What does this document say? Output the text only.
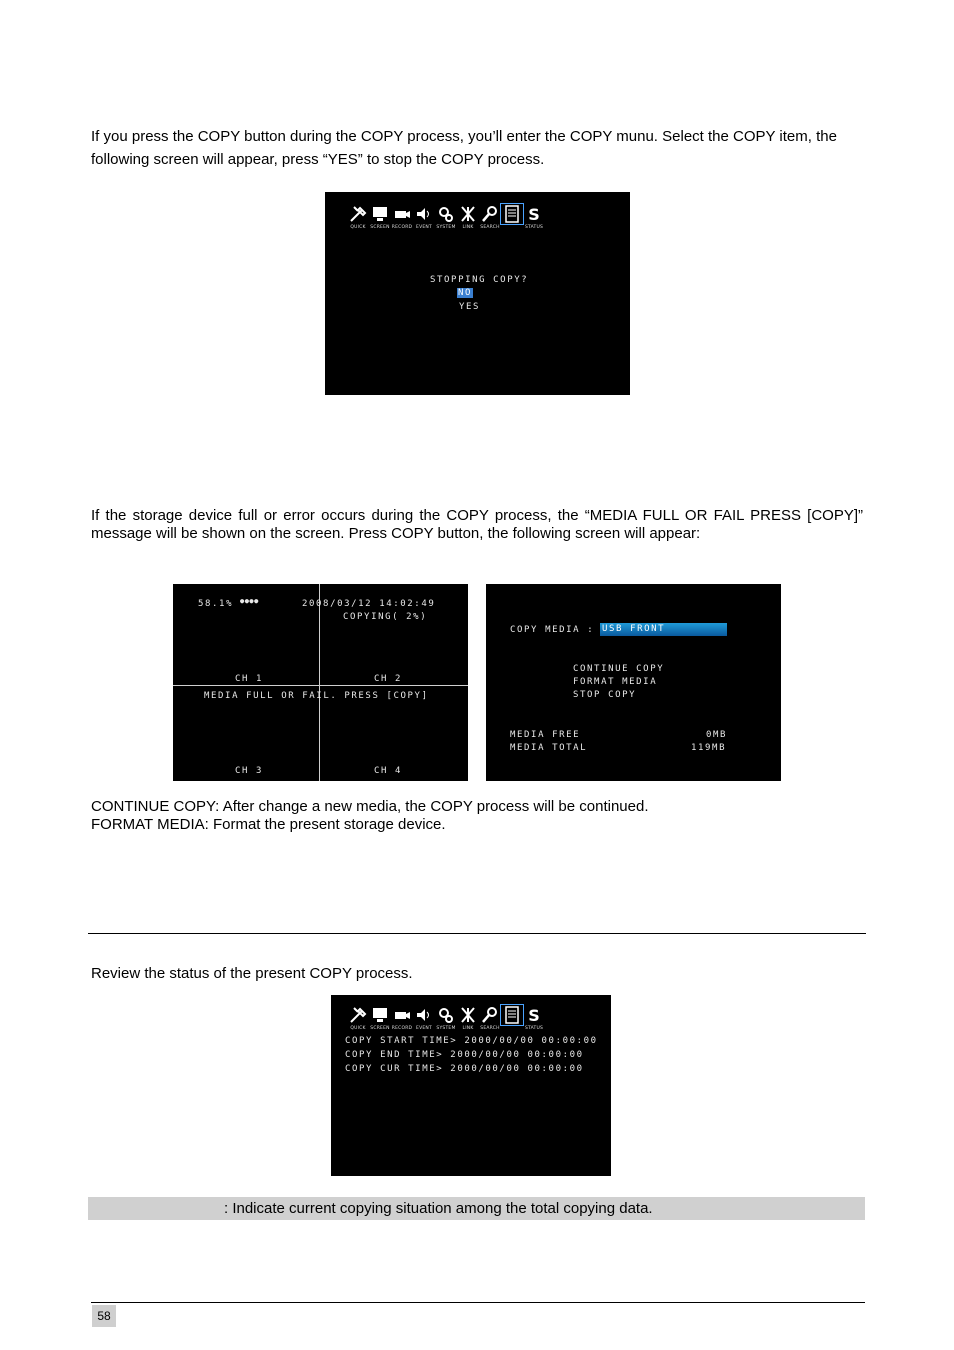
If you press the COPY button during the COPY process, you’ll enter the COPY munu. Select the COPY item, the following screen will appear, press “YES” to stop the COPY process.

QUICK SCREEN RECORD EVENT SYSTEM LINK SEARCH
S
STATUS
STOPPING COPY?
NO
YES

If the storage device full or error occurs during the COPY process, the “MEDIA FULL OR FAIL PRESS [COPY]” message will be shown on the screen. Press COPY button, the following screen will appear:

58.1% ●●●●	2008/03/12 14:02:49
COPYING( 2%)
CH 1	CH 2
MEDIA FULL OR FAIL. PRESS [COPY]
CH 3	CH 4
COPY MEDIA : USB FRONT
CONTINUE COPY
FORMAT MEDIA
STOP COPY
MEDIA FREE	0MB
MEDIA TOTAL	119MB

CONTINUE COPY: After change a new media, the COPY process will be continued.

FORMAT MEDIA: Format the present storage device.

Review the status of the present COPY process.

QUICK SCREEN RECORD EVENT SYSTEM LINK SEARCH
S
STATUS
COPY START TIME> 2000/00/00 00:00:00
COPY END TIME> 2000/00/00 00:00:00
COPY CUR TIME> 2000/00/00 00:00:00
: Indicate current copying situation among the total copying data.
58
